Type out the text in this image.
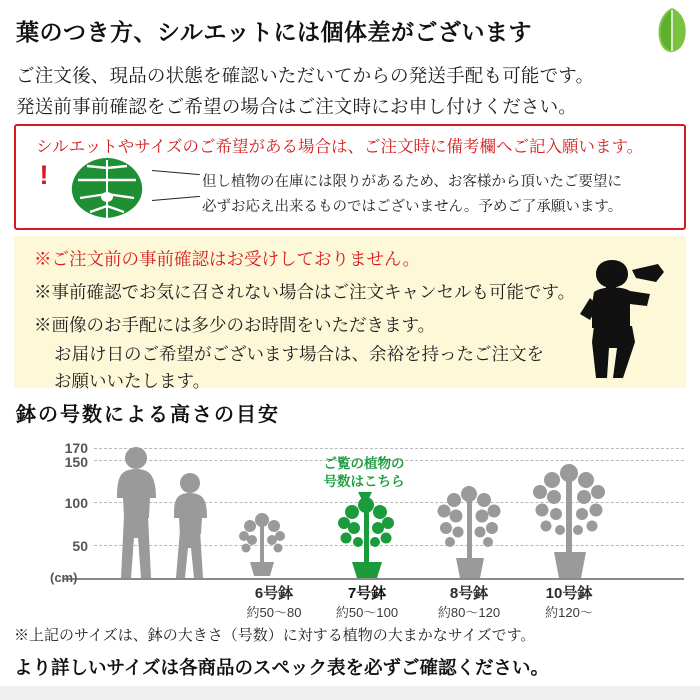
葉のつき方、シルエットには個体差がございます
ご注文後、現品の状態を確認いただいてからの発送手配も可能です。
発送前事前確認をご希望の場合はご注文時にお申し付けください。
シルエットやサイズのご希望がある場合は、ご注文時に備考欄へご記入願います。
!	但し植物の在庫には限りがあるため、お客様から頂いたご要望に
必ずお応え出来るものではございません。予めご了承願います。
※ご注文前の事前確認はお受けしておりません。
※事前確認でお気に召されない場合はご注文キャンセルも可能です。
※画像のお手配には多少のお時間をいただきます。
お届け日のご希望がございます場合は、余裕を持ったご注文を
お願いいたします。
鉢の号数による高さの目安
170
150
100
50
(cm)
6号鉢
約50〜80
ご覧の植物の
号数はこちら
7号鉢
約50〜100
8号鉢
約80〜120
10号鉢
約120〜
※上記のサイズは、鉢の大きさ（号数）に対する植物の大まかなサイズです。
より詳しいサイズは各商品のスペック表を必ずご確認ください。
